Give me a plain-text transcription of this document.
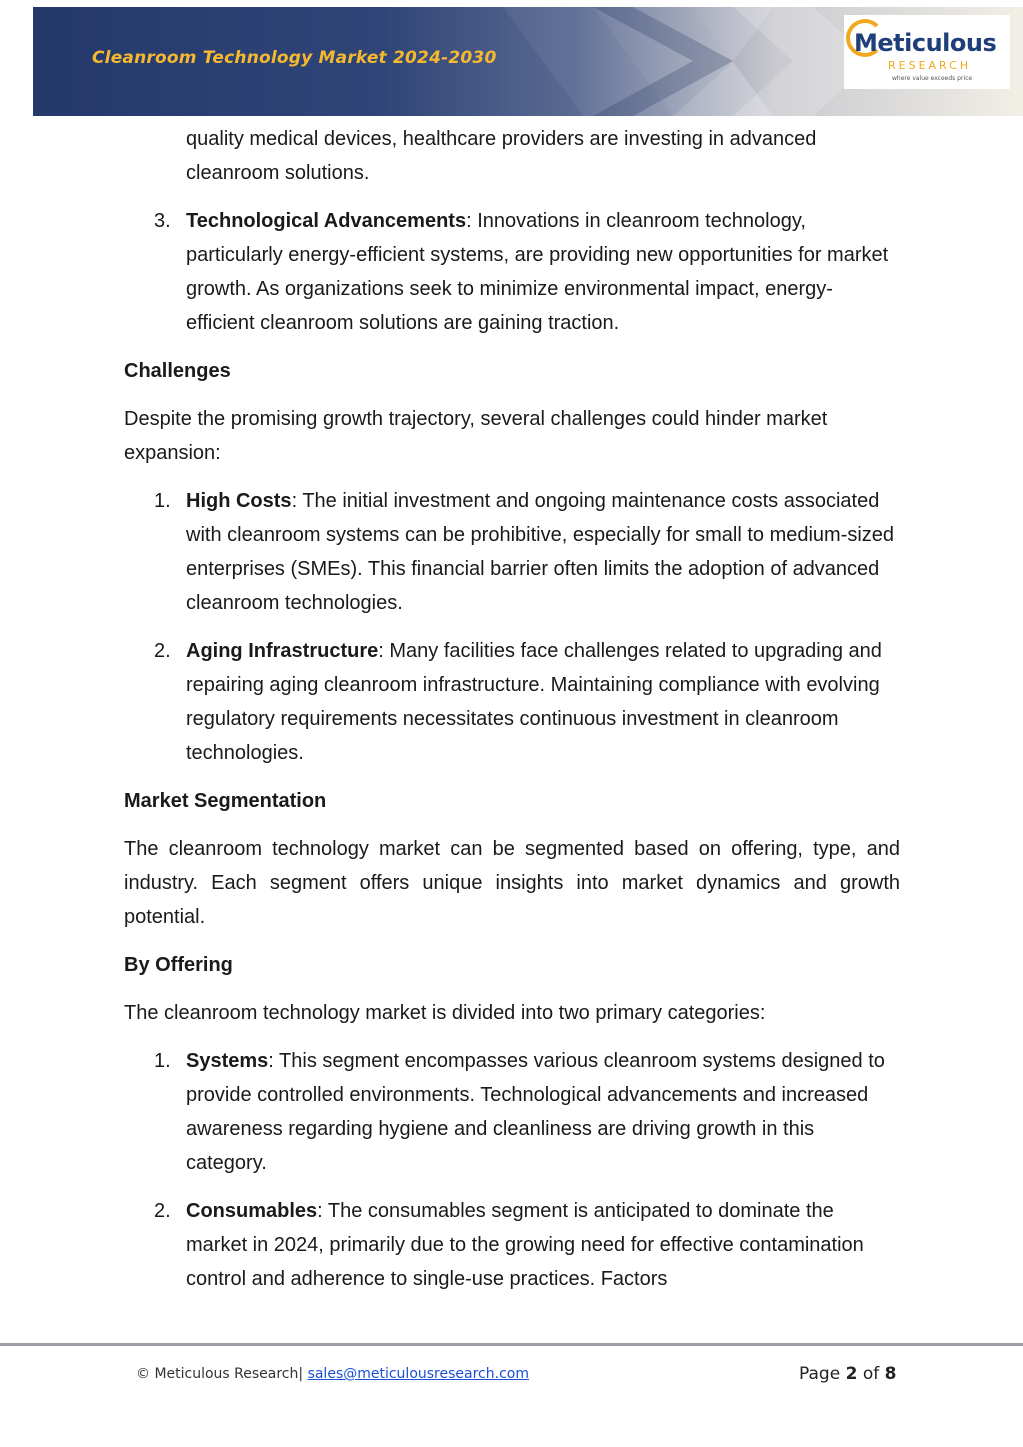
Cleanroom Technology Market 2024-2030
Meticulous
RESEARCH
where value exceeds price

quality medical devices, healthcare providers are investing in advanced cleanroom solutions.

3. Technological Advancements: Innovations in cleanroom technology, particularly energy-efficient systems, are providing new opportunities for market growth. As organizations seek to minimize environmental impact, energy-efficient cleanroom solutions are gaining traction.

Challenges

Despite the promising growth trajectory, several challenges could hinder market expansion:

1. High Costs: The initial investment and ongoing maintenance costs associated with cleanroom systems can be prohibitive, especially for small to medium-sized enterprises (SMEs). This financial barrier often limits the adoption of advanced cleanroom technologies.
2. Aging Infrastructure: Many facilities face challenges related to upgrading and repairing aging cleanroom infrastructure. Maintaining compliance with evolving regulatory requirements necessitates continuous investment in cleanroom technologies.

Market Segmentation

The cleanroom technology market can be segmented based on offering, type, and industry. Each segment offers unique insights into market dynamics and growth potential.

By Offering

The cleanroom technology market is divided into two primary categories:

1. Systems: This segment encompasses various cleanroom systems designed to provide controlled environments. Technological advancements and increased awareness regarding hygiene and cleanliness are driving growth in this category.
2. Consumables: The consumables segment is anticipated to dominate the market in 2024, primarily due to the growing need for effective contamination control and adherence to single-use practices. Factors
© Meticulous Research| sales@meticulousresearch.com	Page 2 of 8
